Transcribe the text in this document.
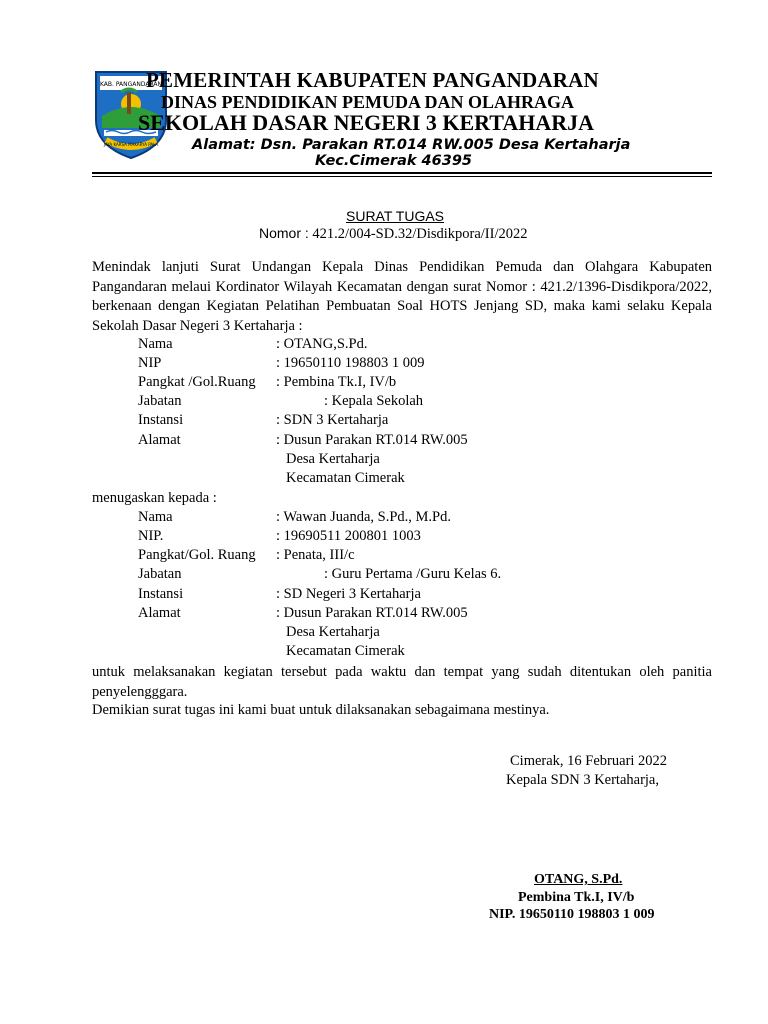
KAB. PANGANDARAN
JAYA KARSA MAKARYA PALA
PEMERINTAH KABUPATEN PANGANDARAN
DINAS PENDIDIKAN PEMUDA DAN OLAHRAGA
SEKOLAH DASAR NEGERI 3 KERTAHARJA
Alamat: Dsn. Parakan RT.014 RW.005 Desa Kertaharja
Kec.Cimerak 46395
SURAT TUGAS
Nomor : 421.2/004-SD.32/Disdikpora/II/2022
Menindak lanjuti Surat Undangan Kepala Dinas Pendidikan Pemuda dan Olahgara Kabupaten Pangandaran melaui Kordinator Wilayah Kecamatan dengan surat Nomor : 421.2/1396-Disdikpora/2022, berkenaan dengan Kegiatan Pelatihan Pembuatan Soal HOTS Jenjang SD, maka kami selaku Kepala Sekolah Dasar Negeri 3 Kertaharja :
Nama	: OTANG,S.Pd.
NIP	: 19650110 198803 1 009
Pangkat /Gol.Ruang : Pembina Tk.I, IV/b
Jabatan	: Kepala Sekolah
Instansi	: SDN 3 Kertaharja
Alamat	: Dusun Parakan RT.014 RW.005
Desa Kertaharja
Kecamatan Cimerak
menugaskan kepada :
Nama	: Wawan Juanda, S.Pd., M.Pd.
NIP.	: 19690511 200801 1003
Pangkat/Gol. Ruang : Penata, III/c
Jabatan	: Guru Pertama /Guru Kelas 6.
Instansi	: SD Negeri 3 Kertaharja
Alamat	: Dusun Parakan RT.014 RW.005
Desa Kertaharja
Kecamatan Cimerak
untuk melaksanakan kegiatan tersebut pada waktu dan tempat yang sudah ditentukan oleh panitia penyelengggara.
Demikian surat tugas ini kami buat untuk dilaksanakan sebagaimana mestinya.
Cimerak, 16 Februari 2022
Kepala SDN 3 Kertaharja,
OTANG, S.Pd.
Pembina Tk.I, IV/b
NIP. 19650110 198803 1 009
